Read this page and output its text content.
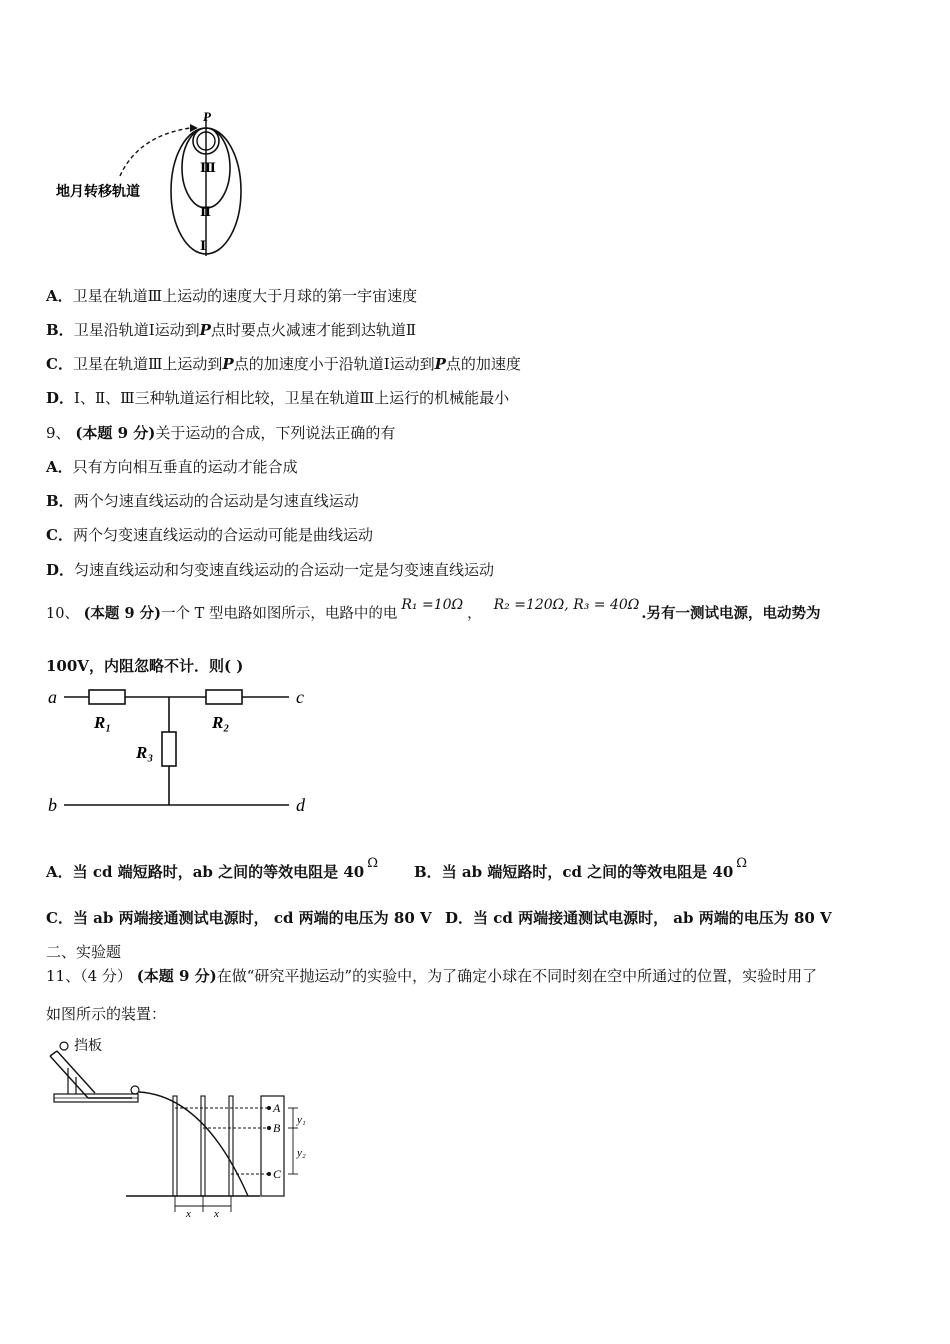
P
Ⅲ
Ⅱ
Ⅰ
地月转移轨道
A．卫星在轨道Ⅲ上运动的速度大于月球的第一宇宙速度
B．卫星沿轨道Ⅰ运动到P点时要点火减速才能到达轨道Ⅱ
C．卫星在轨道Ⅲ上运动到P点的加速度小于沿轨道Ⅰ运动到P点的加速度
D．Ⅰ、Ⅱ、Ⅲ三种轨道运行相比较，卫星在轨道Ⅲ上运行的机械能最小
9、 (本题 9 分)关于运动的合成，下列说法正确的有
A．只有方向相互垂直的运动才能合成
B．两个匀速直线运动的合运动是匀速直线运动
C．两个匀变速直线运动的合运动可能是曲线运动
D．匀速直线运动和匀变速直线运动的合运动一定是匀变速直线运动
10、 (本题 9 分)一个 T 型电路如图所示，电路中的电R₁ =10Ω，R₂ =120Ω, R₃ = 40Ω .另有一测试电源，电动势为
100V，内阻忽略不计．则( )
a	c
b	d
R₁	R₂
R₃
A．当 cd 端短路时，ab 之间的等效电阻是 40 Ω B．当 ab 端短路时，cd 之间的等效电阻是 40 Ω
C．当 ab 两端接通测试电源时， cd 两端的电压为 80 V D．当 cd 两端接通测试电源时， ab 两端的电压为 80 V
二、实验题
11、（4 分） (本题 9 分)在做“研究平抛运动”的实验中，为了确定小球在不同时刻在空中所通过的位置，实验时用了
如图所示的装置：
A
B
C
y₁
y₂
x x
挡板
